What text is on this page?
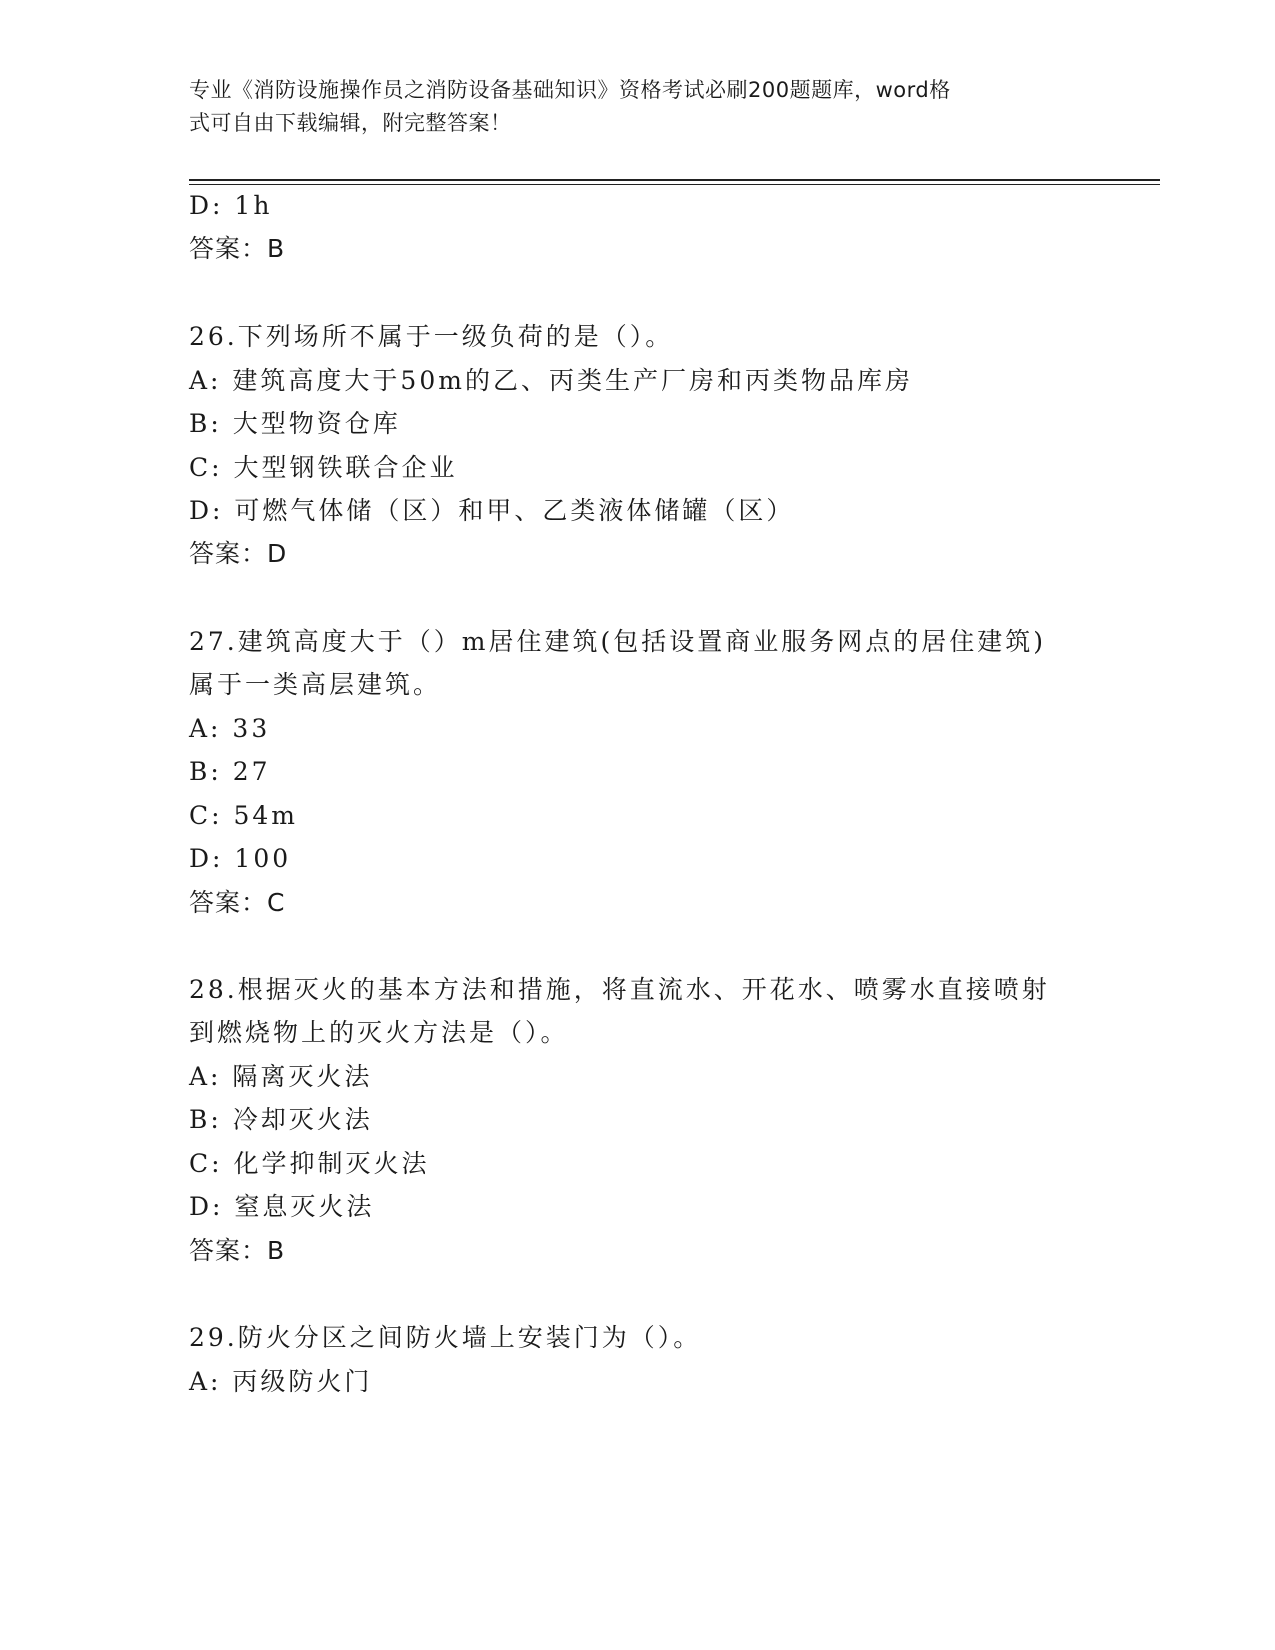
专业《消防设施操作员之消防设备基础知识》资格考试必刷200题题库，word格
式可自由下载编辑，附完整答案！
D: 1h
答案：B
26.下列场所不属于一级负荷的是（）。
A: 建筑高度大于50m的乙、丙类生产厂房和丙类物品库房
B: 大型物资仓库
C: 大型钢铁联合企业
D: 可燃气体储（区）和甲、乙类液体储罐（区）
答案：D
27.建筑高度大于（）m居住建筑(包括设置商业服务网点的居住建筑)
属于一类高层建筑。
A: 33
B: 27
C: 54m
D: 100
答案：C
28.根据灭火的基本方法和措施，将直流水、开花水、喷雾水直接喷射
到燃烧物上的灭火方法是（）。
A: 隔离灭火法
B: 冷却灭火法
C: 化学抑制灭火法
D: 窒息灭火法
答案：B
29.防火分区之间防火墙上安装门为（）。
A: 丙级防火门
